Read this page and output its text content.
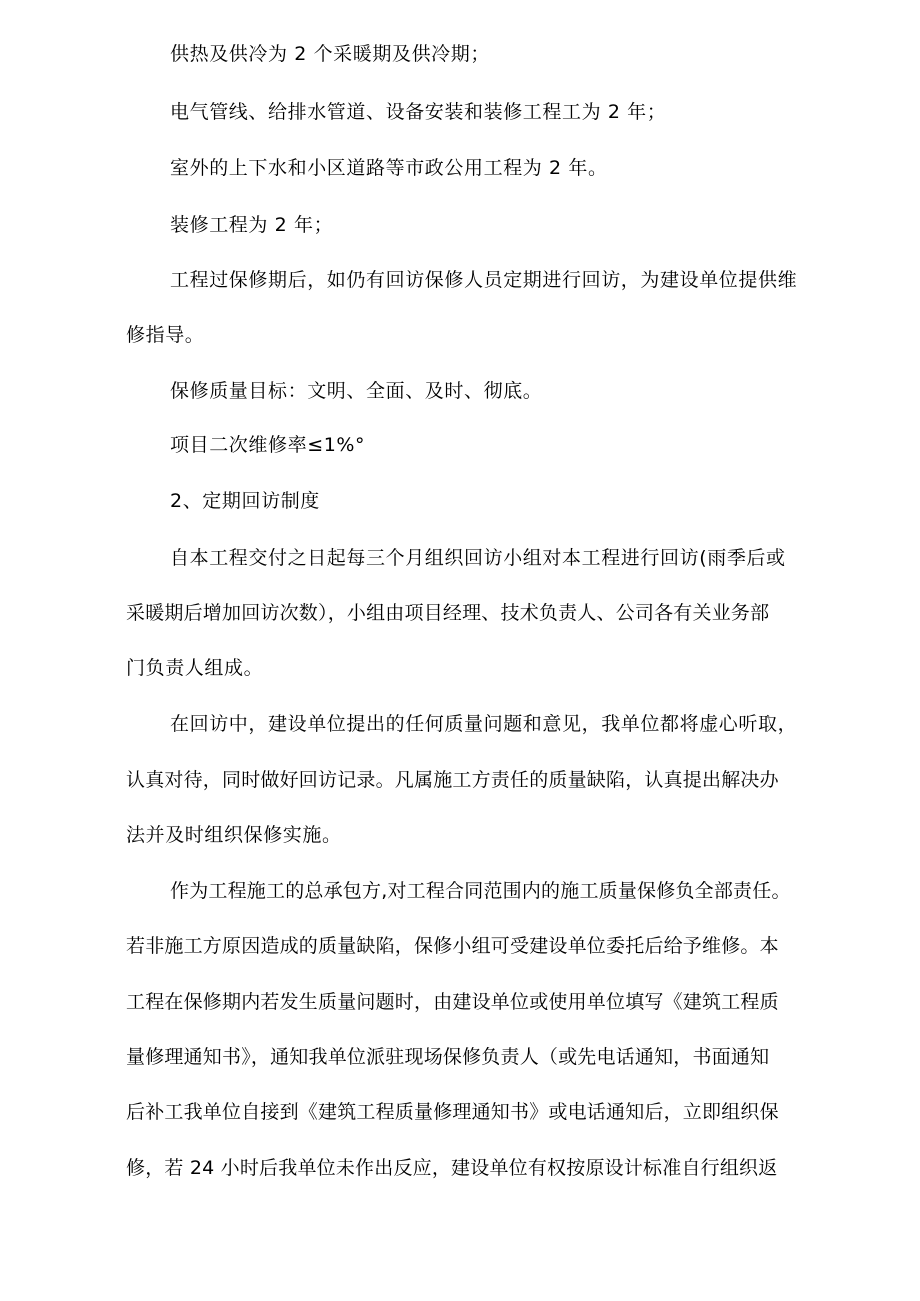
供热及供冷为 2 个采暖期及供冷期；
电气管线、给排水管道、设备安装和装修工程工为 2 年；
室外的上下水和小区道路等市政公用工程为 2 年。
装修工程为 2 年；
工程过保修期后，如仍有回访保修人员定期进行回访，为建设单位提供维
修指导。
保修质量目标：文明、全面、及时、彻底。
项目二次维修率≤1%°
2、定期回访制度
自本工程交付之日起每三个月组织回访小组对本工程进行回访(雨季后或
采暖期后增加回访次数），小组由项目经理、技术负责人、公司各有关业务部
门负责人组成。
在回访中，建设单位提出的任何质量问题和意见，我单位都将虚心听取，
认真对待，同时做好回访记录。凡属施工方责任的质量缺陷，认真提出解决办
法并及时组织保修实施。
作为工程施工的总承包方,对工程合同范围内的施工质量保修负全部责任。
若非施工方原因造成的质量缺陷，保修小组可受建设单位委托后给予维修。本
工程在保修期内若发生质量问题时，由建设单位或使用单位填写《建筑工程质
量修理通知书》，通知我单位派驻现场保修负责人（或先电话通知，书面通知
后补工我单位自接到《建筑工程质量修理通知书》或电话通知后，立即组织保
修，若 24 小时后我单位未作出反应，建设单位有权按原设计标准自行组织返
